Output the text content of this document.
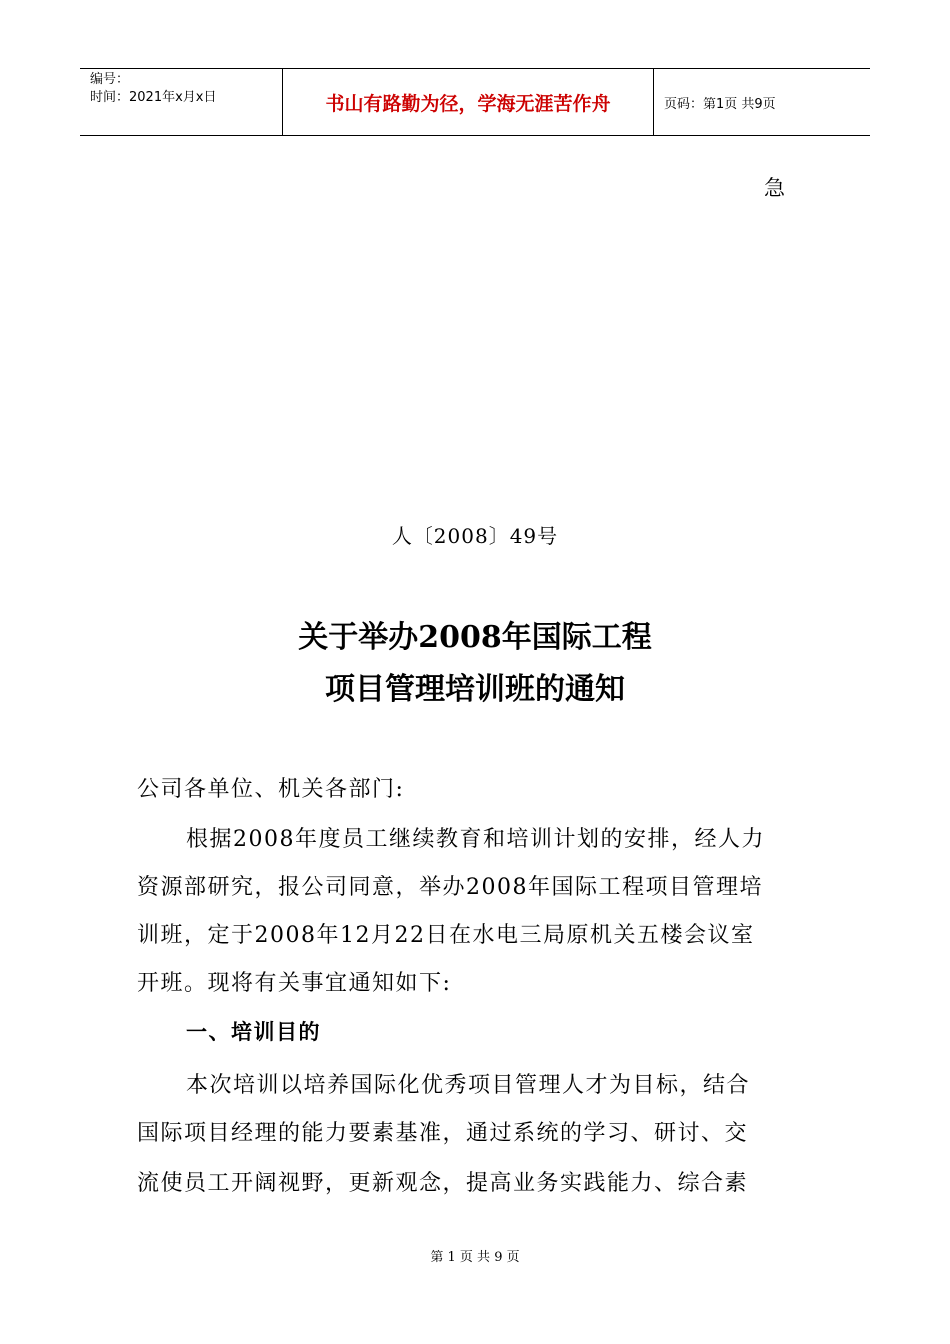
编号：
时间：2021年x月x日	书山有路勤为径，学海无涯苦作舟	页码：第1页 共9页
急
人〔2008〕49号
关于举办2008年国际工程
项目管理培训班的通知
公司各单位、机关各部门:
根据2008年度员工继续教育和培训计划的安排，经人力
资源部研究，报公司同意，举办2008年国际工程项目管理培
训班，定于2008年12月22日在水电三局原机关五楼会议室
开班。现将有关事宜通知如下:
一、培训目的
本次培训以培养国际化优秀项目管理人才为目标，结合
国际项目经理的能力要素基准，通过系统的学习、研讨、交
流使员工开阔视野，更新观念，提高业务实践能力、综合素
第 1 页 共 9 页
